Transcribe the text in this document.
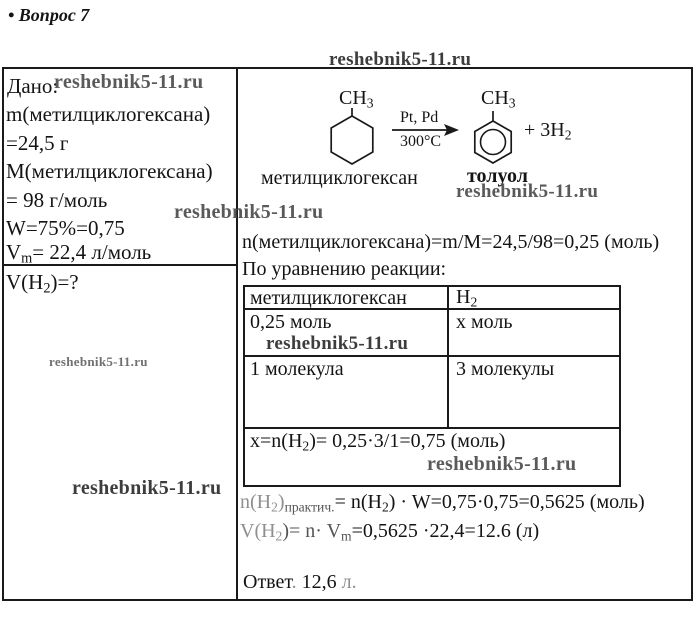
• Вопрос 7
Дано:
m(метилциклогексана)
=24,5 г
М(метилциклогексана)
= 98 г/моль
W=75%=0,75
Vm= 22,4 л/моль
V(H2)=?
CH3	CH3
Pt, Pd
300°C
метилциклогексан толуол
+ 3H2
n(метилциклогексана)=m/M=24,5/98=0,25 (моль)
По уравнению реакции:
метилциклогексан H2
0,25 моль	х моль
1 молекула	3 молекулы
x=n(H2)= 0,25·3/1=0,75 (моль)
n(H2)практич.= n(H2) · W=0,75·0,75=0,5625 (моль)
V(H2)= n· Vm=0,5625 ·22,4=12.6 (л)
Ответ. 12,6 л.
reshebnik5-11.ru
reshebnik5-11.ru
reshebnik5-11.ru
reshebnik5-11.ru
reshebnik5-11.ru
reshebnik5-11.ru
reshebnik5-11.ru
reshebnik5-11.ru
